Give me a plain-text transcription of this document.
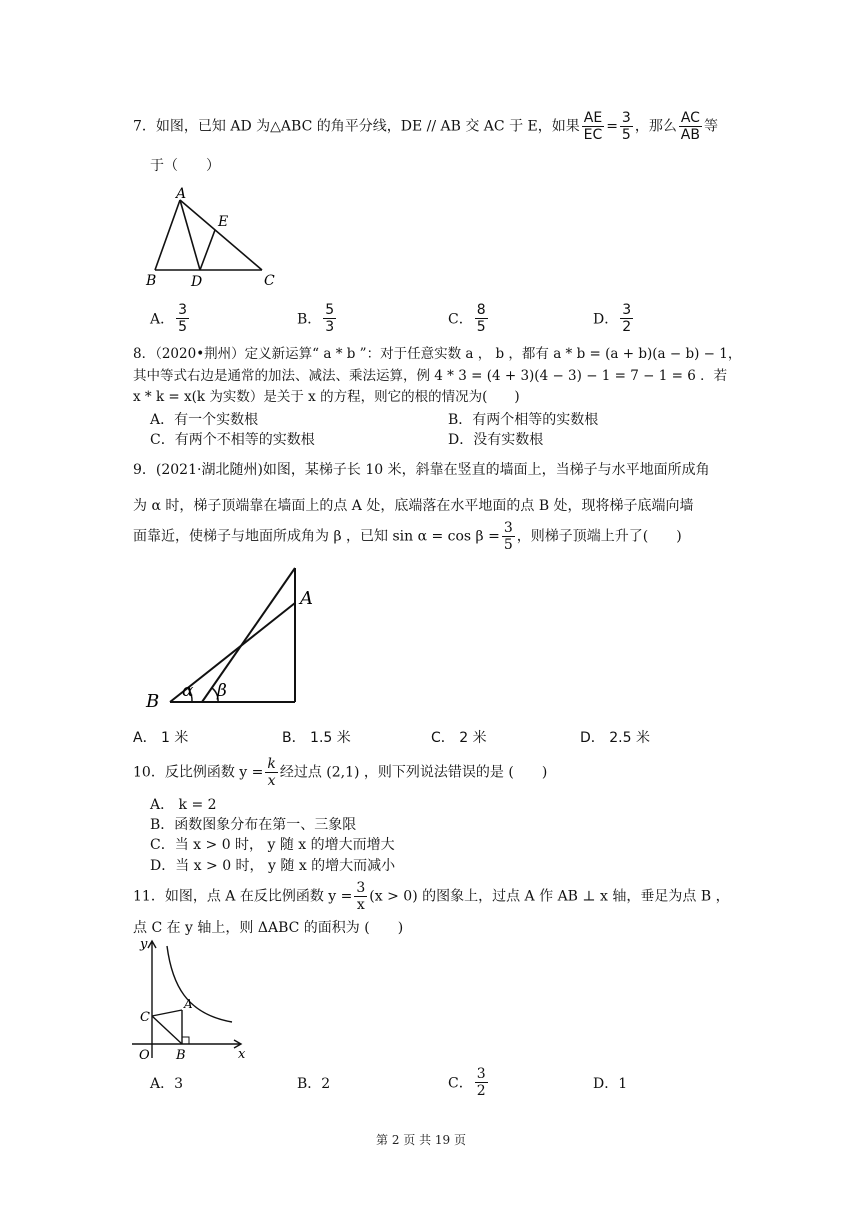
7．如图，已知 AD 为△ABC 的角平分线，DE // AB 交 AC 于 E，如果 $\frac{AE}{EC} = \frac{3}{5}$ ，那么 $\frac{AC}{AB}$ 等
于（　　）
A
E
B D	C
A． $\frac{3}{5}$	B． $\frac{5}{3}$	C． $\frac{8}{5}$	D． $\frac{3}{2}$
8．（2020•荆州）定义新运算“ a * b ”：对于任意实数 a ， b ，都有 a * b = (a + b)(a − b) − 1，
其中等式右边是通常的加法、减法、乘法运算，例 4 * 3 = (4 + 3)(4 − 3) − 1 = 7 − 1 = 6 ．若
x * k = x(k 为实数）是关于 x 的方程，则它的根的情况为(　　)
A．有一个实数根	B．有两个相等的实数根
C．有两个不相等的实数根	D．没有实数根
9．(2021·湖北随州)如图，某梯子长 10 米，斜靠在竖直的墙面上，当梯子与水平地面所成角
为 α 时，梯子顶端靠在墙面上的点 A 处，底端落在水平地面的点 B 处，现将梯子底端向墙
面靠近，使梯子与地面所成角为 β ，已知 $\sin \alpha = \cos \beta = \frac{3}{5}$ ，则梯子顶端上升了(　　)
A
B α β
A． 1 米	B． 1.5 米	C． 2 米	D． 2.5 米
10．反比例函数 $y = \frac{k}{x}$ 经过点 (2,1) ，则下列说法错误的是 (　　)
A． k = 2
B．函数图象分布在第一、三象限
C．当 x > 0 时， y 随 x 的增大而增大
D．当 x > 0 时， y 随 x 的增大而减小
11．如图，点 A 在反比例函数 $y = \frac{3}{x} (x > 0)$ 的图象上，过点 A 作 AB ⊥ x 轴，垂足为点 B ，
点 C 在 y 轴上，则 ΔABC 的面积为 (　　)
y
x
O
A
B
C
A．3	B．2	C． $\frac{3}{2}$	D．1
第 2 页 共 19 页
